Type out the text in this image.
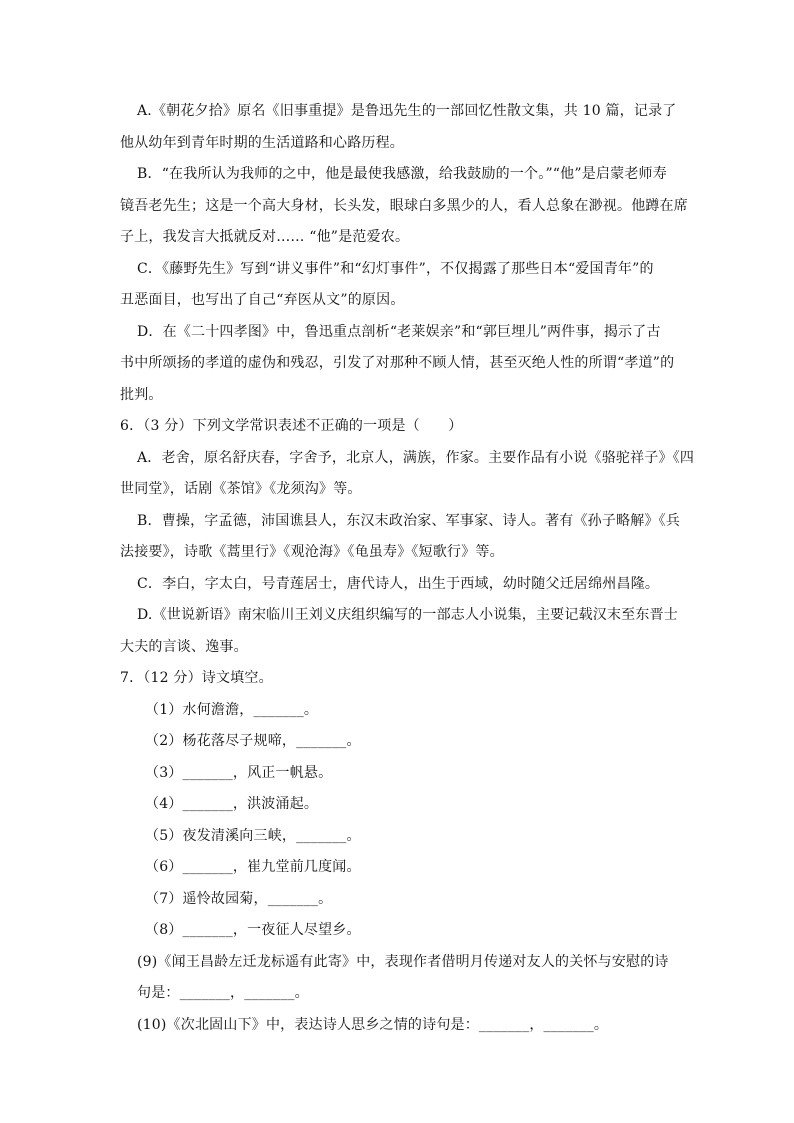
A.《朝花夕拾》原名《旧事重提》是鲁迅先生的一部回忆性散文集，共 10 篇，记录了
他从幼年到青年时期的生活道路和心路历程。
B．“在我所认为我师的之中，他是最使我感激，给我鼓励的一个。”“他”是启蒙老师寿
镜吾老先生；这是一个高大身材，长头发，眼球白多黑少的人，看人总象在渺视。他蹲在席
子上，我发言大抵就反对…… “他”是范爱农。
C．《藤野先生》写到“讲义事件”和“幻灯事件”，不仅揭露了那些日本“爱国青年”的
丑恶面目，也写出了自己“弃医从文”的原因。
D．在《二十四孝图》中，鲁迅重点剖析“老莱娱亲”和“郭巨埋儿”两件事，揭示了古
书中所颂扬的孝道的虚伪和残忍，引发了对那种不顾人情，甚至灭绝人性的所谓“孝道”的
批判。
6．（3 分）下列文学常识表述不正确的一项是（　　）
A．老舍，原名舒庆春，字舍予，北京人，满族，作家。主要作品有小说《骆驼祥子》《四
世同堂》，话剧《茶馆》《龙须沟》等。
B．曹操，字孟德，沛国谯县人，东汉末政治家、军事家、诗人。著有《孙子略解》《兵
法接要》，诗歌《蒿里行》《观沧海》《龟虽寿》《短歌行》等。
C．李白，字太白，号青莲居士，唐代诗人，出生于西域，幼时随父迁居绵州昌隆。
D.《世说新语》南宋临川王刘义庆组织编写的一部志人小说集，主要记载汉末至东晋士
大夫的言谈、逸事。
7．（12 分）诗文填空。
（1）水何澹澹，_______。
（2）杨花落尽子规啼，_______。
（3）_______，风正一帆悬。
（4）_______，洪波涌起。
（5）夜发清溪向三峡，_______。
（6）_______，崔九堂前几度闻。
（7）遥怜故园菊，_______。
（8）_______，一夜征人尽望乡。
(9)《闻王昌龄左迁龙标遥有此寄》中，表现作者借明月传递对友人的关怀与安慰的诗
句是：_______，_______。
(10)《次北固山下》中，表达诗人思乡之情的诗句是：_______，_______。
